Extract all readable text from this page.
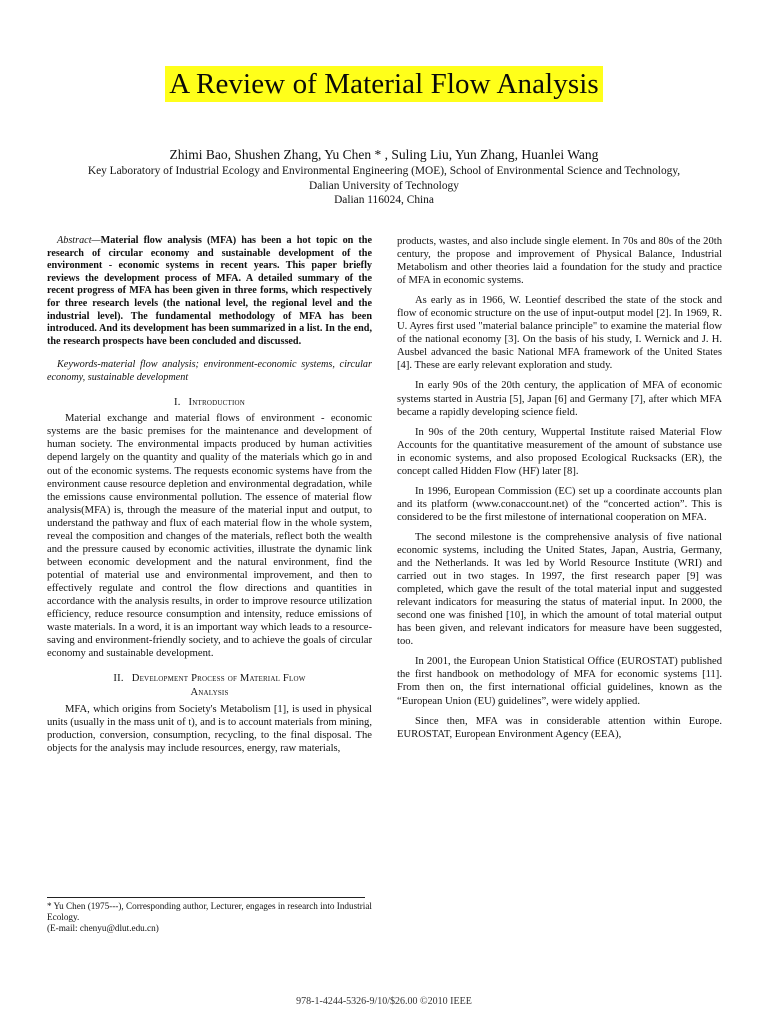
A Review of Material Flow Analysis
Zhimi Bao, Shushen Zhang, Yu Chen * , Suling Liu, Yun Zhang, Huanlei Wang
Key Laboratory of Industrial Ecology and Environmental Engineering (MOE), School of Environmental Science and Technology,
Dalian University of Technology
Dalian 116024, China

Abstract—Material flow analysis (MFA) has been a hot topic on the research of circular economy and sustainable development of the environment - economic systems in recent years. This paper briefly reviews the development process of MFA. A detailed summary of the recent progress of MFA has been given in three forms, which respectively for three research levels (the national level, the regional level and the industrial level). The fundamental methodology of MFA has been introduced. And its development has been summarized in a list. In the end, the research prospects have been concluded and discussed.

Keywords-material flow analysis; environment-economic systems, circular economy, sustainable development

I. Introduction

Material exchange and material flows of environment - economic systems are the basic premises for the maintenance and development of human society. The environmental impacts produced by human activities depend largely on the quantity and quality of the materials which go in and out of the economic systems. The requests economic systems have from the environment cause resource depletion and environmental degradation, while the emissions cause environmental pollution. The essence of material flow analysis(MFA) is, through the measure of the material input and output, to understand the pathway and flux of each material flow in the whole system, reveal the composition and changes of the materials, reflect both the wealth and the pressure caused by economic activities, illustrate the dynamic link between economic development and the natural environment, find the potential of material use and environmental improvement, and then to effectively regulate and control the flow directions and quantities in accordance with the analysis results, in order to improve resource utilization efficiency, reduce resource consumption and intensity, reduce emissions of waste materials. In a word, it is an important way which leads to a resource-saving and environment-friendly society, and to achieve the goals of circular economy and sustainable development.

II. Development Process of Material Flow
Analysis

MFA, which origins from Society's Metabolism [1], is used in physical units (usually in the mass unit of t), and is to account materials from mining, production, conversion, consumption, recycling, to the final disposal. The objects for the analysis may include resources, energy, raw materials,

products, wastes, and also include single element. In 70s and 80s of the 20th century, the propose and improvement of Physical Balance, Industrial Metabolism and other theories laid a foundation for the study and practice of MFA in economic systems.

As early as in 1966, W. Leontief described the state of the stock and flow of economic structure on the use of input-output model [2]. In 1969, R. U. Ayres first used "material balance principle" to examine the material flow of the national economy [3]. On the basis of his study, I. Wernick and J. H. Ausbel advanced the basic National MFA framework of the United States [4]. These are early relevant exploration and study.

In early 90s of the 20th century, the application of MFA of economic systems started in Austria [5], Japan [6] and Germany [7], after which MFA became a rapidly developing science field.

In 90s of the 20th century, Wuppertal Institute raised Material Flow Accounts for the quantitative measurement of the amount of substance use in economic systems, and also proposed Ecological Rucksacks (ER), the concept called Hidden Flow (HF) later [8].

In 1996, European Commission (EC) set up a coordinate accounts plan and its platform (www.conaccount.net) of the “concerted action”. This is considered to be the first milestone of international cooperation on MFA.

The second milestone is the comprehensive analysis of five national economic systems, including the United States, Japan, Austria, Germany, and the Netherlands. It was led by World Resource Institute (WRI) and carried out in two stages. In 1997, the first research paper [9] was completed, which gave the result of the total material input and suggested relevant indicators for measuring the status of material input. In 2000, the second one was finished [10], in which the amount of total material output has been given, and relevant indicators for measure have been suggested, too.

In 2001, the European Union Statistical Office (EUROSTAT) published the first handbook on methodology of MFA for economic systems [11]. From then on, the first international official guidelines, known as the “European Union (EU) guidelines”, were widely applied.

Since then, MFA was in considerable attention within Europe. EUROSTAT, European Environment Agency (EEA),

* Yu Chen (1975---), Corresponding author, Lecturer, engages in research into Industrial Ecology.
(E-mail: chenyu@dlut.edu.cn)
978-1-4244-5326-9/10/$26.00 ©2010 IEEE
